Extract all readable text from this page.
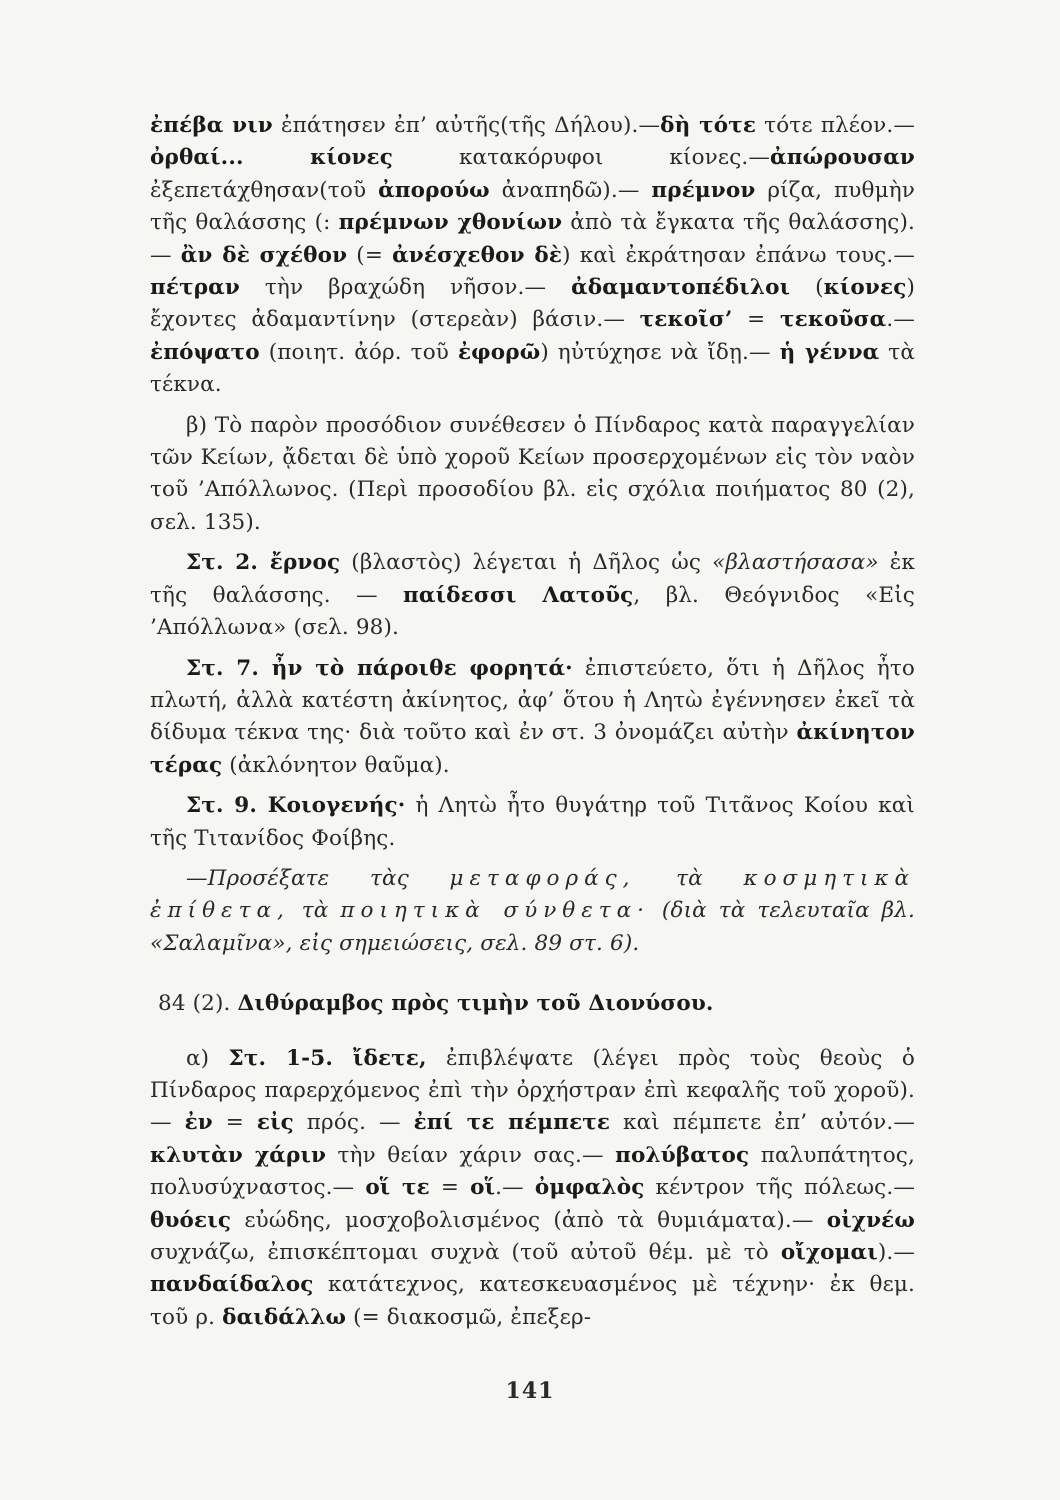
ἐπέβα νιν ἐπάτησεν ἐπ’ αὐτῆς(τῆς Δήλου).—δὴ τότε τότε πλέον.— ὀρθαί... κίονες κατακόρυφοι κίονες.—ἀπώρουσαν ἐξεπετάχθησαν(τοῦ ἀπορούω ἀναπηδῶ).— πρέμνον ρίζα, πυθμὴν τῆς θαλάσσης (: πρέμνων χθονίων ἀπὸ τὰ ἔγκατα τῆς θαλάσσης).— ἂν δὲ σχέθον (= ἀνέσχεθον δὲ) καὶ ἐκράτησαν ἐπάνω τους.— πέτραν τὴν βραχώδη νῆσον.— ἀδαμαντοπέδιλοι (κίονες) ἔχοντες ἀδαμαντίνην (στερεὰν) βάσιν.— τεκοῖσ’ = τεκοῦσα.—ἐπόψατο (ποιητ. ἀόρ. τοῦ ἐφορῶ) ηὐτύχησε νὰ ἴδῃ.— ἡ γέννα τὰ τέκνα.

β) Τὸ παρὸν προσόδιον συνέθεσεν ὁ Πίνδαρος κατὰ παραγγελίαν τῶν Κείων, ᾄδεται δὲ ὑπὸ χοροῦ Κείων προσερχομένων εἰς τὸν ναὸν τοῦ ’Απόλλωνος. (Περὶ προσοδίου βλ. εἰς σχόλια ποιήματος 80 (2), σελ. 135).

Στ. 2. ἔρνος (βλαστὸς) λέγεται ἡ Δῆλος ὡς «βλαστήσασα» ἐκ τῆς θαλάσσης. — παίδεσσι Λατοῦς, βλ. Θεόγνιδος «Εἰς ’Απόλλωνα» (σελ. 98).

Στ. 7. ἦν τὸ πάροιθε φορητά· ἐπιστεύετο, ὅτι ἡ Δῆλος ἦτο πλωτή, ἀλλὰ κατέστη ἀκίνητος, ἀφ’ ὅτου ἡ Λητὼ ἐγέννησεν ἐκεῖ τὰ δίδυμα τέκνα της· διὰ τοῦτο καὶ ἐν στ. 3 ὀνομάζει αὐτὴν ἀκίνητον τέρας (ἀκλόνητον θαῦμα).

Στ. 9. Κοιογενής· ἡ Λητὼ ἦτο θυγάτηρ τοῦ Τιτᾶνος Κοίου καὶ τῆς Τιτανίδος Φοίβης.

—Προσέξατε τὰς μεταφοράς, τὰ κοσμητικὰ ἐπίθετα, τὰ ποιητικὰ σύνθετα· (διὰ τὰ τελευταῖα βλ. «Σαλαμῖνα», εἰς σημειώσεις, σελ. 89 στ. 6).

84 (2). Διθύραμβος πρὸς τιμὴν τοῦ Διονύσου.

α) Στ. 1-5. ἴδετε, ἐπιβλέψατε (λέγει πρὸς τοὺς θεοὺς ὁ Πίνδαρος παρερχόμενος ἐπὶ τὴν ὀρχήστραν ἐπὶ κεφαλῆς τοῦ χοροῦ).— ἐν = εἰς πρός. — ἐπί τε πέμπετε καὶ πέμπετε ἐπ’ αὐτόν.— κλυτὰν χάριν τὴν θείαν χάριν σας.— πολύβατος παλυπάτητος, πολυσύχναστος.— οἵ τε = οἵ.— ὀμφαλὸς κέντρον τῆς πόλεως.— θυόεις εὐώδης, μοσχοβολισμένος (ἀπὸ τὰ θυμιάματα).— οἰχνέω συχνάζω, ἐπισκέπτομαι συχνὰ (τοῦ αὐτοῦ θέμ. μὲ τὸ οἴχομαι).—πανδαίδαλος κατάτεχνος, κατεσκευασμένος μὲ τέχνην· ἐκ θεμ. τοῦ ρ. δαιδάλλω (= διακοσμῶ, ἐπεξερ-

141
